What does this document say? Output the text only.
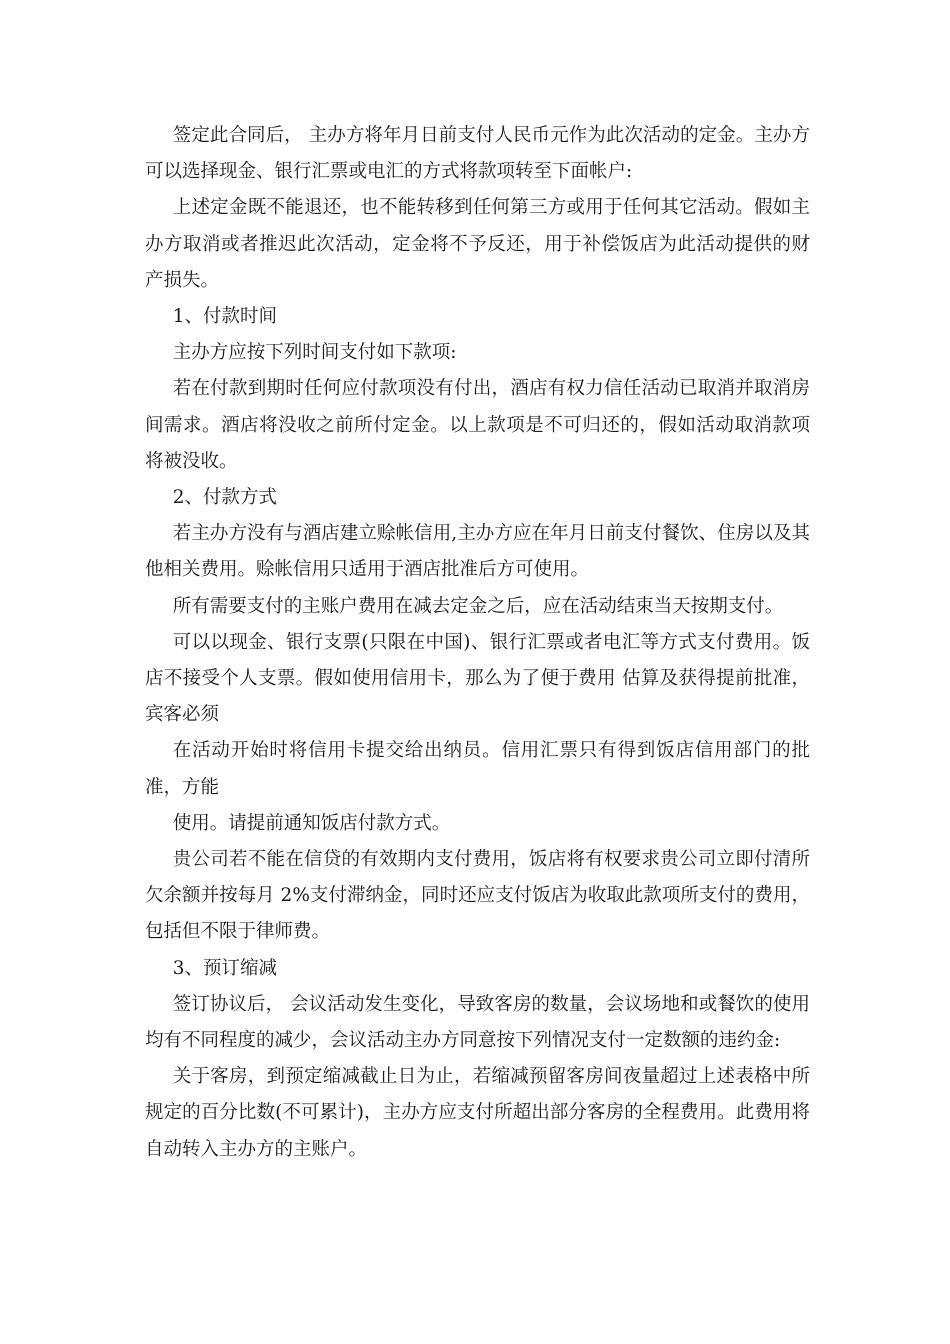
签定此合同后， 主办方将年月日前支付人民币元作为此次活动的定金。主办方可以选择现金、银行汇票或电汇的方式将款项转至下面帐户:

上述定金既不能退还，也不能转移到任何第三方或用于任何其它活动。假如主办方取消或者推迟此次活动，定金将不予反还，用于补偿饭店为此活动提供的财产损失。

1、付款时间

主办方应按下列时间支付如下款项:

若在付款到期时任何应付款项没有付出，酒店有权力信任活动已取消并取消房间需求。酒店将没收之前所付定金。以上款项是不可归还的，假如活动取消款项将被没收。

2、付款方式

若主办方没有与酒店建立赊帐信用,主办方应在年月日前支付餐饮、住房以及其他相关费用。赊帐信用只适用于酒店批准后方可使用。

所有需要支付的主账户费用在减去定金之后，应在活动结束当天按期支付。

可以以现金、银行支票(只限在中国)、银行汇票或者电汇等方式支付费用。饭店不接受个人支票。假如使用信用卡，那么为了便于费用 估算及获得提前批准，宾客必须

在活动开始时将信用卡提交给出纳员。信用汇票只有得到饭店信用部门的批准，方能

使用。请提前通知饭店付款方式。

贵公司若不能在信贷的有效期内支付费用，饭店将有权要求贵公司立即付清所欠余额并按每月 2%支付滞纳金，同时还应支付饭店为收取此款项所支付的费用，包括但不限于律师费。

3、预订缩减

签订协议后， 会议活动发生变化，导致客房的数量，会议场地和或餐饮的使用均有不同程度的减少，会议活动主办方同意按下列情况支付一定数额的违约金:

关于客房，到预定缩减截止日为止，若缩减预留客房间夜量超过上述表格中所规定的百分比数(不可累计)，主办方应支付所超出部分客房的全程费用。此费用将自动转入主办方的主账户。
